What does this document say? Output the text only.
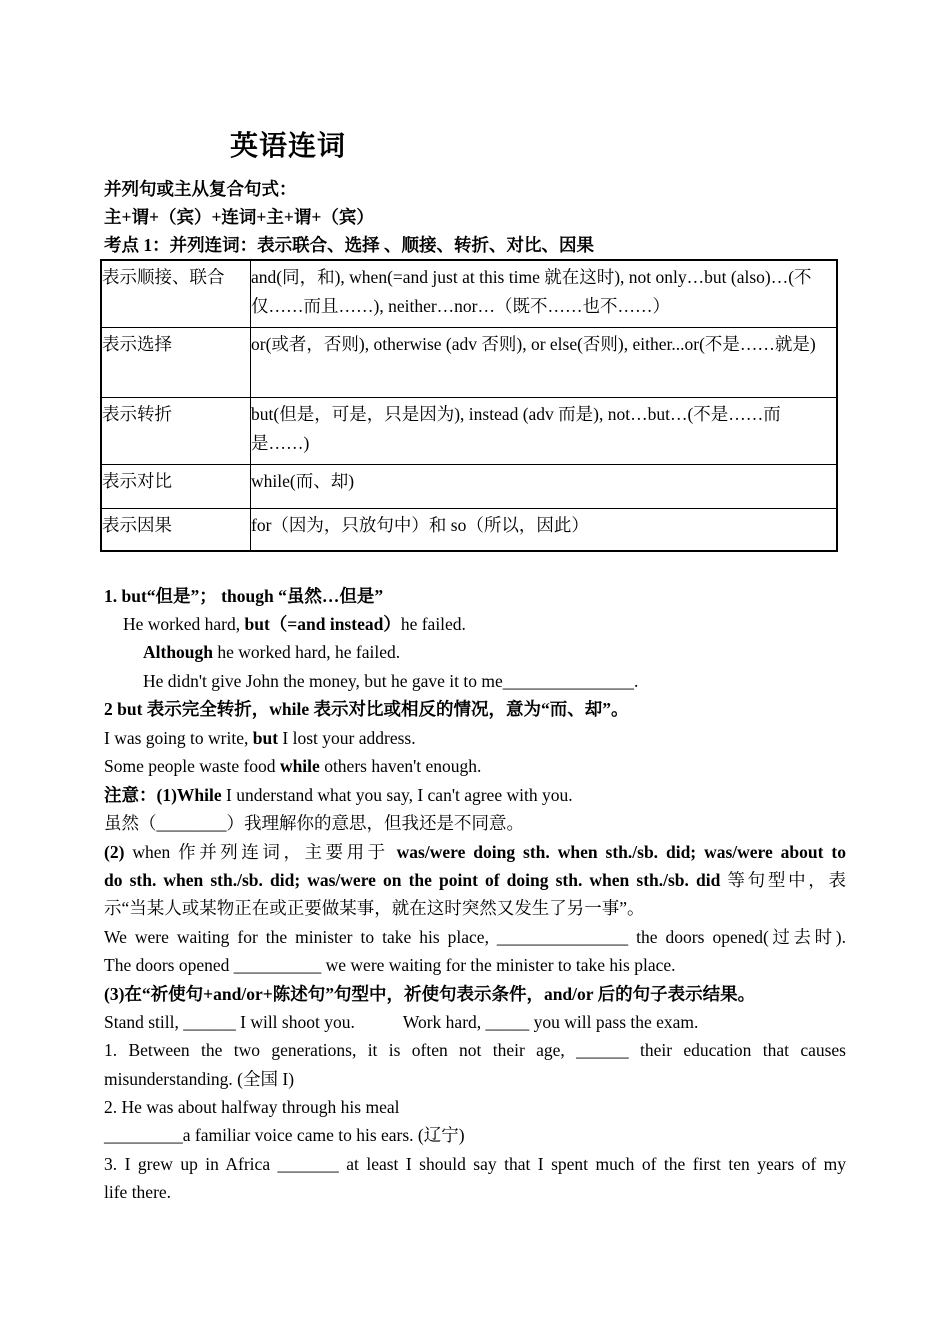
英语连词
并列句或主从复合句式：
主+谓+（宾）+连词+主+谓+（宾）
考点 1：并列连词：表示联合、选择 、顺接、转折、对比、因果
表示顺接、联合	and(同，和), when(=and just at this time 就在这时), not only…but (also)…(不仅……而且……), neither…nor…（既不……也不……）
表示选择	or(或者，否则), otherwise (adv 否则), or else(否则), either...or(不是……就是)
表示转折	but(但是，可是，只是因为), instead (adv 而是), not…but…(不是……而是……)
表示对比	while(而、却)
表示因果	for（因为，只放句中）和 so（所以，因此）
1. but“但是”； though “虽然…但是”
He worked hard, but（=and instead）he failed.
Although he worked hard, he failed.
He didn't give John the money, but he gave it to me_______________.
2 but 表示完全转折，while 表示对比或相反的情况，意为“而、却”。
I was going to write, but I lost your address.
Some people waste food while others haven't enough.
注意：(1)While I understand what you say, I can't agree with you.
虽然（________）我理解你的意思，但我还是不同意。
(2) when 作并列连词，主要用于 was/were doing sth. when sth./sb. did; was/were about to
do sth. when sth./sb. did; was/were on the point of doing sth. when sth./sb. did 等句型中，表
示“当某人或某物正在或正要做某事，就在这时突然又发生了另一事”。
We were waiting for the minister to take his place, _______________ the doors opened(过去时).
The doors opened __________ we were waiting for the minister to take his place.
(3)在“祈使句+and/or+陈述句”句型中，祈使句表示条件，and/or 后的句子表示结果。
Stand still, ______ I will shoot you.	Work hard, _____ you will pass the exam.
1. Between the two generations, it is often not their age, ______ their education that causes
misunderstanding. (全国 I)
2. He was about halfway through his meal
_________a familiar voice came to his ears. (辽宁)
3. I grew up in Africa _______ at least I should say that I spent much of the first ten years of my
life there.
